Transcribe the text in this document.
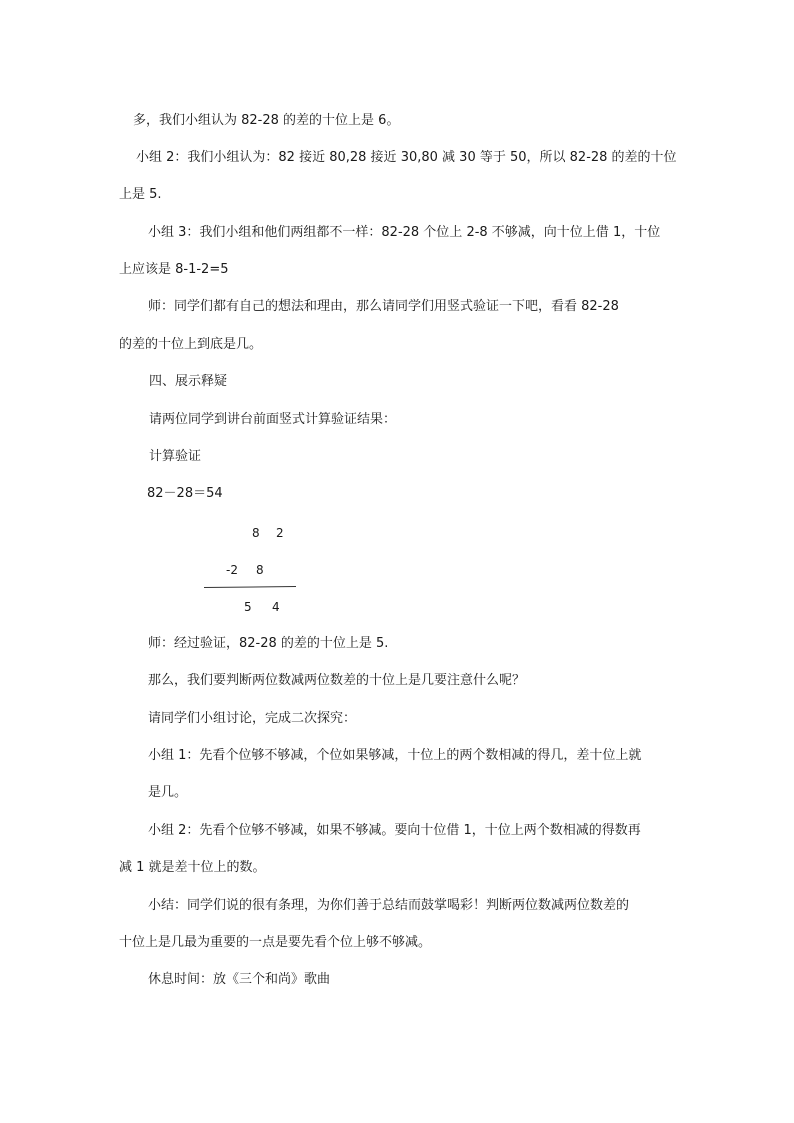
多，我们小组认为 82-28 的差的十位上是 6。
小组 2：我们小组认为：82 接近 80,28 接近 30,80 减 30 等于 50，所以 82-28 的差的十位
上是 5.
小组 3：我们小组和他们两组都不一样：82-28 个位上 2-8 不够减，向十位上借 1，十位
上应该是 8-1-2=5
师：同学们都有自己的想法和理由，那么请同学们用竖式验证一下吧，看看 82-28
的差的十位上到底是几。
四、展示释疑
请两位同学到讲台前面竖式计算验证结果：
计算验证
82－28＝54
8 2
-2 8
5 4
师：经过验证，82-28 的差的十位上是 5.
那么，我们要判断两位数减两位数差的十位上是几要注意什么呢？
请同学们小组讨论，完成二次探究：
小组 1：先看个位够不够减，个位如果够减，十位上的两个数相减的得几，差十位上就
是几。
小组 2：先看个位够不够减，如果不够减。要向十位借 1，十位上两个数相减的得数再
减 1 就是差十位上的数。
小结：同学们说的很有条理，为你们善于总结而鼓掌喝彩！判断两位数减两位数差的
十位上是几最为重要的一点是要先看个位上够不够减。
休息时间：放《三个和尚》歌曲
